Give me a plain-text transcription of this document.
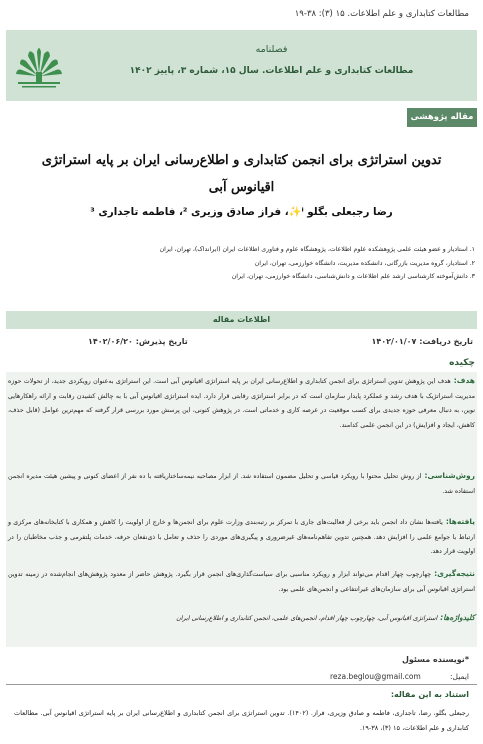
مطالعات کتابداری و علم اطلاعات. ۱۵ (۳): ۳۸-۱۹
فصلنامه
مطالعات کتابداری و علم اطلاعات. سال ۱۵، شماره ۳، پاییز ۱۴۰۲
مقاله پژوهشی
تدوین استراتژی برای انجمن کتابداری و اطلاع‌رسانی ایران بر پایه استراتژی اقیانوس آبی
رضا رجبعلی بگلو ⁱ✨، فراز صادق وزیری ²، فاطمه تاجداری ³
۱. استادیار و عضو هیئت علمی پژوهشکده علوم اطلاعات، پژوهشگاه علوم و فناوری اطلاعات ایران (ایرانداک)، تهران، ایران
۲. استادیار، گروه مدیریت بازرگانی، دانشکده مدیریت، دانشگاه خوارزمی، تهران، ایران
۳. دانش‌آموخته کارشناسی ارشد علم اطلاعات و دانش‌شناسی، دانشگاه خوارزمی، تهران، ایران
اطلاعات مقاله
تاریخ دریافت: ۱۴۰۲/۰۱/۰۷
تاریخ پذیرش: ۱۴۰۲/۰۶/۲۰
چکیده
هدف:هدف این پژوهش تدوین استراتژی برای انجمن کتابداری و اطلاع‌رسانی ایران بر پایه استراتژی اقیانوس آبی است. این استراتژی به‌عنوان رویکردی جدید، از تحولات حوزه مدیریت استراتژیک با هدف رشد و عملکرد پایدار سازمان است که در برابر استراتژی رقابتی قرار دارد. ایده استراتژی اقیانوس آبی با به چالش کشیدن رقابت و ارائه راهکارهایی نوین، به دنبال معرفی حوزه جدیدی برای کسب موقعیت در عرصه کاری و خدماتی است. در پژوهش کنونی، این پرسش مورد بررسی قرار گرفته که مهم‌ترین عوامل (قابل حذف، کاهش، ایجاد و افزایش) در این انجمن علمی کدامند.
روش‌شناسی:از روش تحلیل محتوا با رویکرد قیاسی و تحلیل مضمون استفاده شد. از ابزار مصاحبه نیمه‌ساختاریافته با ده نفر از اعضای کنونی و پیشین هیئت مدیره انجمن استفاده شد.
یافته‌ها:یافته‌ها نشان داد انجمن باید برخی از فعالیت‌های جاری با تمرکز بر رتبه‌بندی وزارت علوم برای انجمن‌ها و خارج از اولویت را کاهش و همکاری با کتابخانه‌های مرکزی و ارتباط با جوامع علمی را افزایش دهد. همچنین تدوین تفاهم‌نامه‌های غیرضروری و پیگیری‌های موردی را حذف و تعامل با ذی‌نفعان حرفه، خدمات پلتفرمی و جذب مخاطبان را در اولویت قرار دهد.
نتیجه‌گیری:چهارچوب چهار اقدام می‌تواند ابزار و رویکرد مناسبی برای سیاست‌گذاری‌های انجمن قرار بگیرد. پژوهش حاضر از معدود پژوهش‌های انجام‌شده در زمینه تدوین استراتژی اقیانوس آبی برای سازمان‌های غیرانتفاعی و انجمن‌های علمی بود.
کلیدواژه‌ها:استراتژی اقیانوس آبی، چهارچوب چهار اقدام، انجمن‌های علمی، انجمن کتابداری و اطلاع‌رسانی ایران
*نویسنده مسئول
ایمیل:
reza.beglou@gmail.com
استناد به این مقاله:
رجبعلی بگلو، رضا، تاجداری، فاطمه و صادق وزیری، فراز. (۱۴۰۲). تدوین استراتژی برای انجمن کتابداری و اطلاع‌رسانی ایران بر پایه استراتژی اقیانوس آبی. مطالعات کتابداری و علم اطلاعات، ۱۵ (۳)، ۳۸-۱۹.
